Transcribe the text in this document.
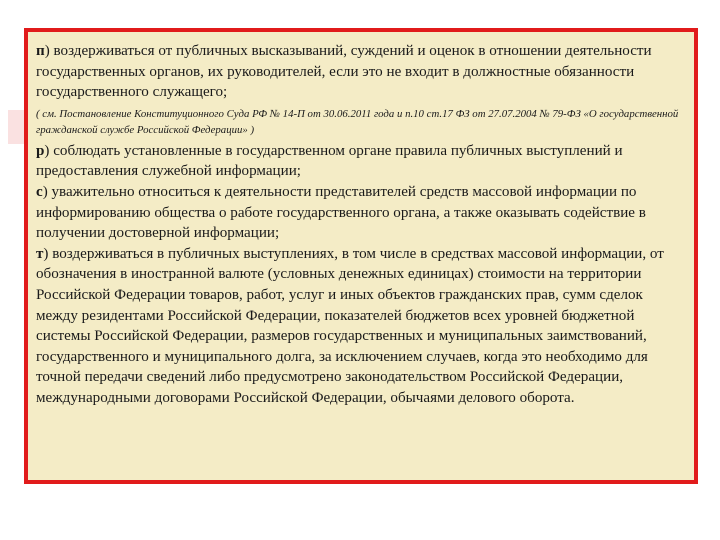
п) воздерживаться от публичных высказываний, суждений и оценок в отношении деятельности государственных органов, их руководителей, если это не входит в должностные обязанности государственного служащего;

( см. Постановление Конституционного Суда РФ № 14-П от 30.06.2011 года и п.10 ст.17 ФЗ от 27.07.2004 № 79-ФЗ «О государственной гражданской службе Российской Федерации» )

р) соблюдать установленные в государственном органе правила публичных выступлений и предоставления служебной информации;

с) уважительно относиться к деятельности представителей средств массовой информации по информированию общества о работе государственного органа, а также оказывать содействие в получении достоверной информации;

т) воздерживаться в публичных выступлениях, в том числе в средствах массовой информации, от обозначения в иностранной валюте (условных денежных единицах) стоимости на территории Российской Федерации товаров, работ, услуг и иных объектов гражданских прав, сумм сделок между резидентами Российской Федерации, показателей бюджетов всех уровней бюджетной системы Российской Федерации, размеров государственных и муниципальных заимствований, государственного и муниципального долга, за исключением случаев, когда это необходимо для точной передачи сведений либо предусмотрено законодательством Российской Федерации, международными договорами Российской Федерации, обычаями делового оборота.
